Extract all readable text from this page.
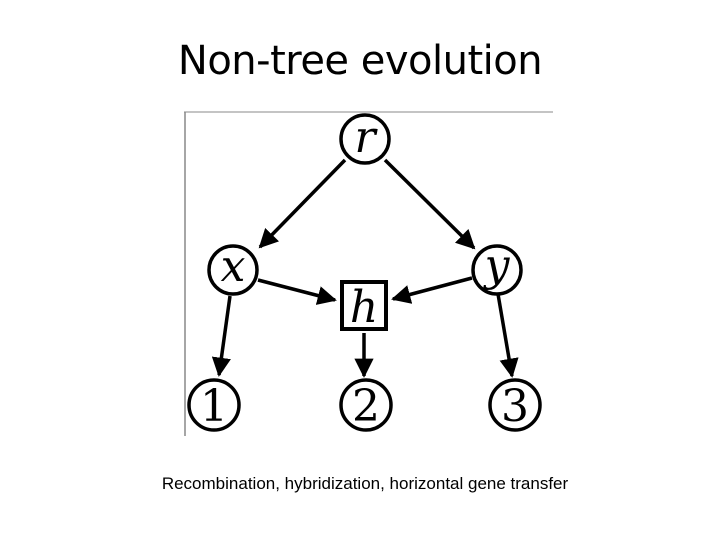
Non-tree evolution
r
x	y
h
1	2	3
Recombination, hybridization, horizontal gene transfer
